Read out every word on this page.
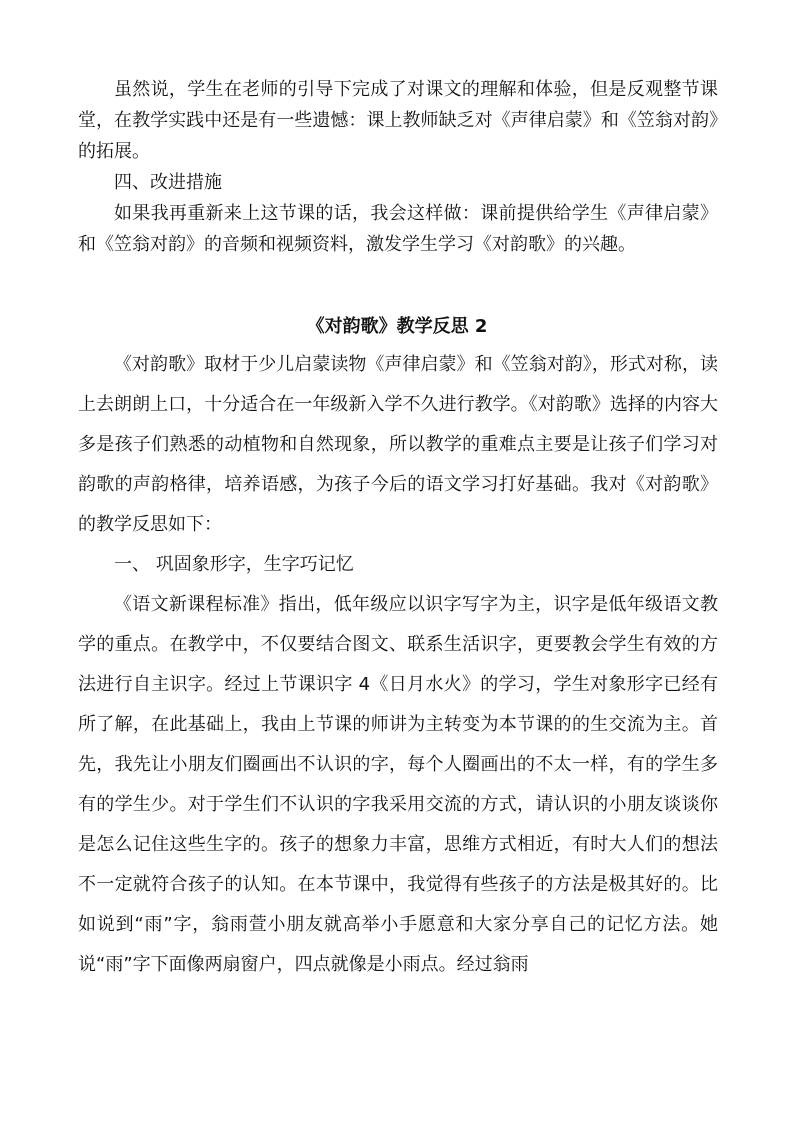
虽然说，学生在老师的引导下完成了对课文的理解和体验，但是反观整节课堂，在教学实践中还是有一些遗憾：课上教师缺乏对《声律启蒙》和《笠翁对韵》的拓展。

四、改进措施

如果我再重新来上这节课的话，我会这样做：课前提供给学生《声律启蒙》和《笠翁对韵》的音频和视频资料，激发学生学习《对韵歌》的兴趣。

《对韵歌》教学反思 2

《对韵歌》取材于少儿启蒙读物《声律启蒙》和《笠翁对韵》，形式对称，读上去朗朗上口，十分适合在一年级新入学不久进行教学。《对韵歌》选择的内容大多是孩子们熟悉的动植物和自然现象，所以教学的重难点主要是让孩子们学习对韵歌的声韵格律，培养语感，为孩子今后的语文学习打好基础。我对《对韵歌》的教学反思如下：

一、 巩固象形字，生字巧记忆

《语文新课程标准》指出，低年级应以识字写字为主，识字是低年级语文教学的重点。在教学中，不仅要结合图文、联系生活识字，更要教会学生有效的方法进行自主识字。经过上节课识字 4《日月水火》的学习，学生对象形字已经有所了解，在此基础上，我由上节课的师讲为主转变为本节课的的生交流为主。首先，我先让小朋友们圈画出不认识的字，每个人圈画出的不太一样，有的学生多有的学生少。对于学生们不认识的字我采用交流的方式，请认识的小朋友谈谈你是怎么记住这些生字的。孩子的想象力丰富，思维方式相近，有时大人们的想法不一定就符合孩子的认知。在本节课中，我觉得有些孩子的方法是极其好的。比如说到“雨”字，翁雨萱小朋友就高举小手愿意和大家分享自己的记忆方法。她说“雨”字下面像两扇窗户，四点就像是小雨点。经过翁雨
